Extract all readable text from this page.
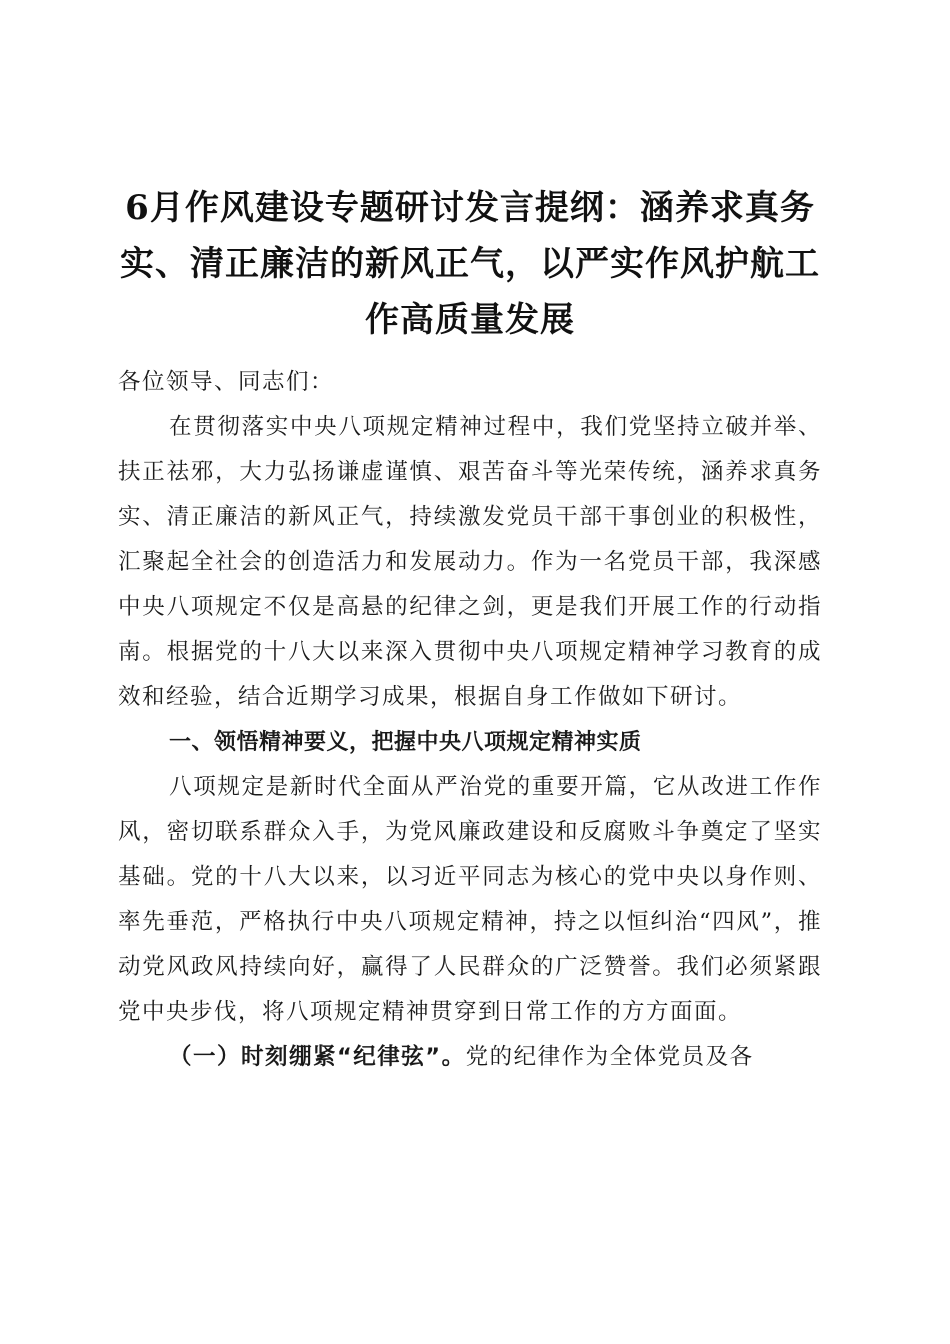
6月作风建设专题研讨发言提纲：涵养求真务实、清正廉洁的新风正气，以严实作风护航工作高质量发展

各位领导、同志们：

在贯彻落实中央八项规定精神过程中，我们党坚持立破并举、扶正祛邪，大力弘扬谦虚谨慎、艰苦奋斗等光荣传统，涵养求真务实、清正廉洁的新风正气，持续激发党员干部干事创业的积极性，汇聚起全社会的创造活力和发展动力。作为一名党员干部，我深感中央八项规定不仅是高悬的纪律之剑，更是我们开展工作的行动指南。根据党的十八大以来深入贯彻中央八项规定精神学习教育的成效和经验，结合近期学习成果，根据自身工作做如下研讨。

一、领悟精神要义，把握中央八项规定精神实质

八项规定是新时代全面从严治党的重要开篇，它从改进工作作风，密切联系群众入手，为党风廉政建设和反腐败斗争奠定了坚实基础。党的十八大以来，以习近平同志为核心的党中央以身作则、率先垂范，严格执行中央八项规定精神，持之以恒纠治“四风”，推动党风政风持续向好，赢得了人民群众的广泛赞誉。我们必须紧跟党中央步伐，将八项规定精神贯穿到日常工作的方方面面。

（一）时刻绷紧“纪律弦”。党的纪律作为全体党员及各
